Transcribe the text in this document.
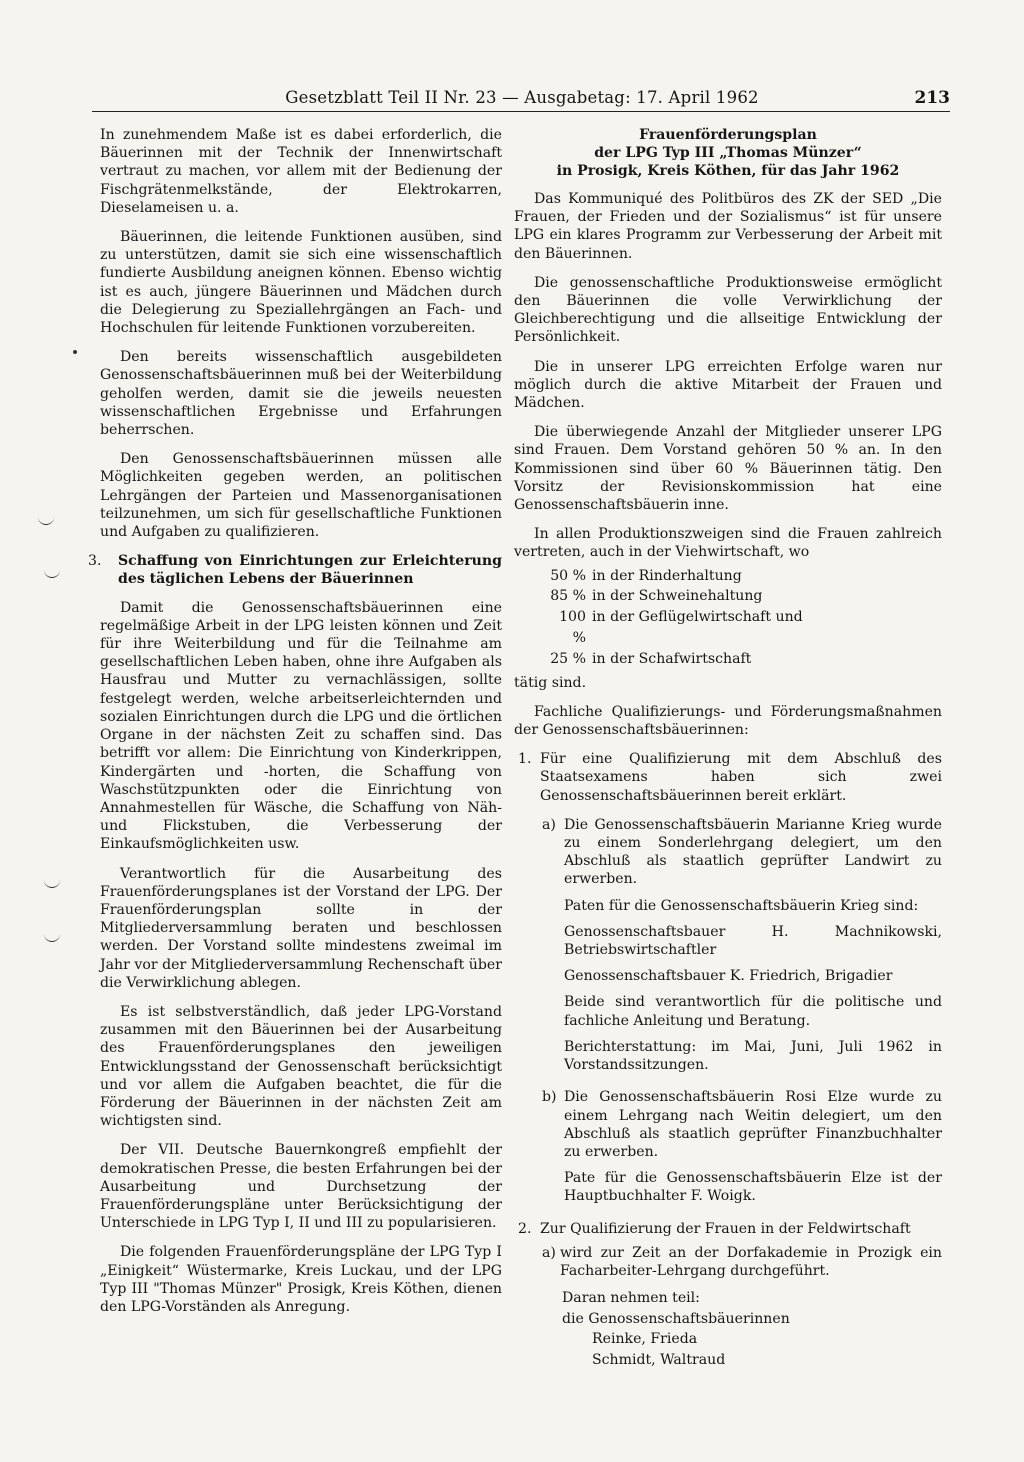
Gesetzblatt Teil II Nr. 23 — Ausgabetag: 17. April 1962	213

In zunehmendem Maße ist es dabei erforderlich, die Bäuerinnen mit der Technik der Innenwirtschaft vertraut zu machen, vor allem mit der Bedienung der Fischgrätenmelkstände, der Elektrokarren, Dieselameisen u. a.

Bäuerinnen, die leitende Funktionen ausüben, sind zu unterstützen, damit sie sich eine wissenschaftlich fundierte Ausbildung aneignen können. Ebenso wichtig ist es auch, jüngere Bäuerinnen und Mädchen durch die Delegierung zu Speziallehrgängen an Fach- und Hochschulen für leitende Funktionen vorzubereiten.

Den bereits wissenschaftlich ausgebildeten Genossenschaftsbäuerinnen muß bei der Weiterbildung geholfen werden, damit sie die jeweils neuesten wissenschaftlichen Ergebnisse und Erfahrungen beherrschen.

Den Genossenschaftsbäuerinnen müssen alle Möglichkeiten gegeben werden, an politischen Lehrgängen der Parteien und Massenorganisationen teilzunehmen, um sich für gesellschaftliche Funktionen und Aufgaben zu qualifizieren.

3. Schaffung von Einrichtungen zur Erleichterung des täglichen Lebens der Bäuerinnen

Damit die Genossenschaftsbäuerinnen eine regelmäßige Arbeit in der LPG leisten können und Zeit für ihre Weiterbildung und für die Teilnahme am gesellschaftlichen Leben haben, ohne ihre Aufgaben als Hausfrau und Mutter zu vernachlässigen, sollte festgelegt werden, welche arbeitserleichternden und sozialen Einrichtungen durch die LPG und die örtlichen Organe in der nächsten Zeit zu schaffen sind. Das betrifft vor allem: Die Einrichtung von Kinderkrippen, Kindergärten und -horten, die Schaffung von Waschstützpunkten oder die Einrichtung von Annahmestellen für Wäsche, die Schaffung von Näh- und Flickstuben, die Verbesserung der Einkaufsmöglichkeiten usw.

Verantwortlich für die Ausarbeitung des Frauenförderungsplanes ist der Vorstand der LPG. Der Frauenförderungsplan sollte in der Mitgliederversammlung beraten und beschlossen werden. Der Vorstand sollte mindestens zweimal im Jahr vor der Mitgliederversammlung Rechenschaft über die Verwirklichung ablegen.

Es ist selbstverständlich, daß jeder LPG-Vorstand zusammen mit den Bäuerinnen bei der Ausarbeitung des Frauenförderungsplanes den jeweiligen Entwicklungsstand der Genossenschaft berücksichtigt und vor allem die Aufgaben beachtet, die für die Förderung der Bäuerinnen in der nächsten Zeit am wichtigsten sind.

Der VII. Deutsche Bauernkongreß empfiehlt der demokratischen Presse, die besten Erfahrungen bei der Ausarbeitung und Durchsetzung der Frauenförderungspläne unter Berücksichtigung der Unterschiede in LPG Typ I, II und III zu popularisieren.

Die folgenden Frauenförderungspläne der LPG Typ I „Einigkeit“ Wüstermarke, Kreis Luckau, und der LPG Typ III "Thomas Münzer" Prosigk, Kreis Köthen, dienen den LPG-Vorständen als Anregung.

Frauenförderungsplan
der LPG Typ III „Thomas Münzer“
in Prosigk, Kreis Köthen, für das Jahr 1962

Das Kommuniqué des Politbüros des ZK der SED „Die Frauen, der Frieden und der Sozialismus“ ist für unsere LPG ein klares Programm zur Verbesserung der Arbeit mit den Bäuerinnen.

Die genossenschaftliche Produktionsweise ermöglicht den Bäuerinnen die volle Verwirklichung der Gleichberechtigung und die allseitige Entwicklung der Persönlichkeit.

Die in unserer LPG erreichten Erfolge waren nur möglich durch die aktive Mitarbeit der Frauen und Mädchen.

Die überwiegende Anzahl der Mitglieder unserer LPG sind Frauen. Dem Vorstand gehören 50 % an. In den Kommissionen sind über 60 % Bäuerinnen tätig. Den Vorsitz der Revisionskommission hat eine Genossenschaftsbäuerin inne.

In allen Produktionszweigen sind die Frauen zahlreich vertreten, auch in der Viehwirtschaft, wo

50 % in der Rinderhaltung
85 % in der Schweinehaltung
100 %
in der Geflügelwirtschaft und
25 % in der Schafwirtschaft

tätig sind.

Fachliche Qualifizierungs- und Förderungsmaßnahmen der Genossenschaftsbäuerinnen:

1. Für eine Qualifizierung mit dem Abschluß des Staatsexamens haben sich zwei Genossenschaftsbäuerinnen bereit erklärt.
a) Die Genossenschaftsbäuerin Marianne Krieg wurde zu einem Sonderlehrgang delegiert, um den Abschluß als staatlich geprüfter Landwirt zu erwerben.

Paten für die Genossenschaftsbäuerin Krieg sind:

Genossenschaftsbauer H. Machnikowski, Betriebswirtschaftler

Genossenschaftsbauer K. Friedrich, Brigadier

Beide sind verantwortlich für die politische und fachliche Anleitung und Beratung.

Berichterstattung: im Mai, Juni, Juli 1962 in Vorstandssitzungen.

b) Die Genossenschaftsbäuerin Rosi Elze wurde zu einem Lehrgang nach Weitin delegiert, um den Abschluß als staatlich geprüfter Finanzbuchhalter zu erwerben.

Pate für die Genossenschaftsbäuerin Elze ist der Hauptbuchhalter F. Woigk.

2. Zur Qualifizierung der Frauen in der Feldwirtschaft
a) wird zur Zeit an der Dorfakademie in Prozigk ein Facharbeiter-Lehrgang durchgeführt.

Daran nehmen teil:

die Genossenschaftsbäuerinnen

Reinke, Frieda

Schmidt, Waltraud
